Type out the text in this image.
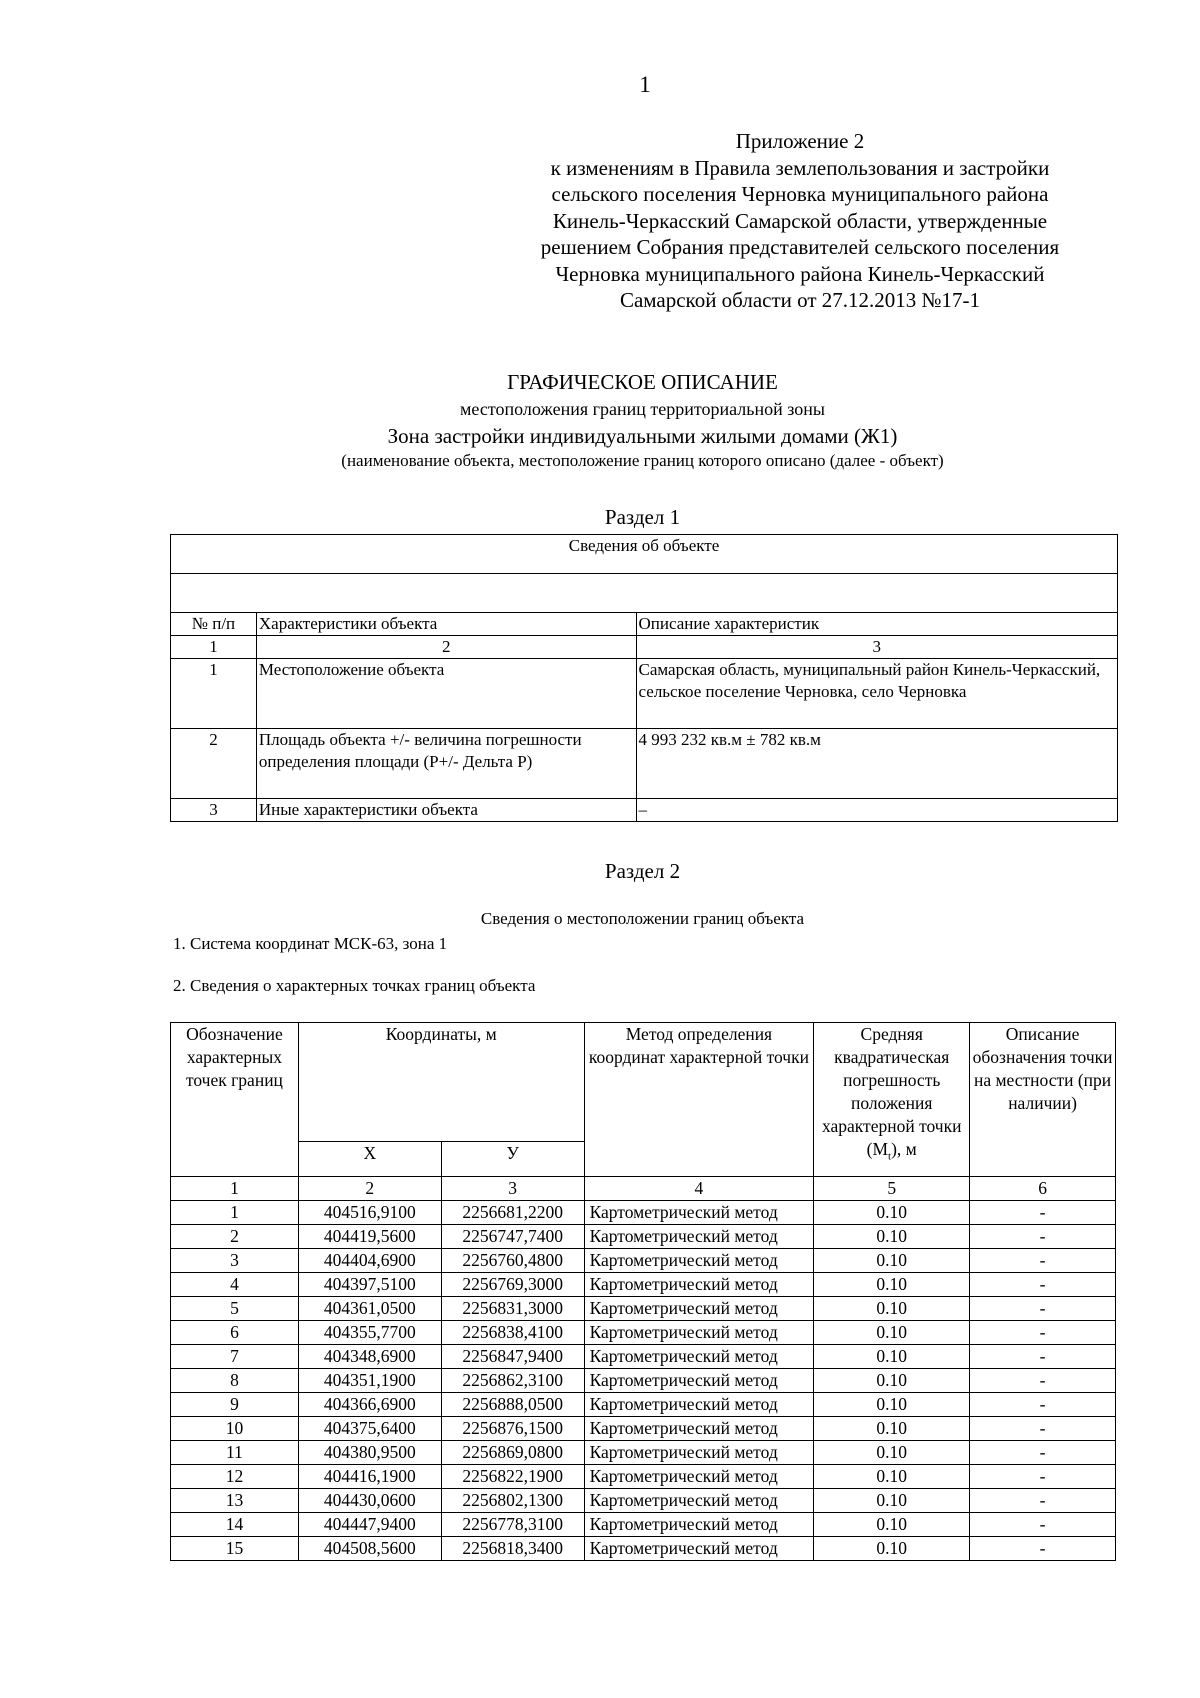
1
Приложение 2
к изменениям в Правила землепользования и застройки
сельского поселения Черновка муниципального района
Кинель-Черкасский Самарской области, утвержденные
решением Собрания представителей сельского поселения
Черновка муниципального района Кинель-Черкасский
Самарской области от 27.12.2013 №17-1
ГРАФИЧЕСКОЕ ОПИСАНИЕ
местоположения границ территориальной зоны
Зона застройки индивидуальными жилыми домами (Ж1)
(наименование объекта, местоположение границ которого описано (далее - объект)
Раздел 1
Сведения об объекте		

№ п/п	Характеристики объекта	Описание характеристик
1	2	3
1	Местоположение объекта	Самарская область, муниципальный район Кинель-Черкасский, сельское поселение Черновка, село Черновка
2	Площадь объекта +/- величина погрешности определения площади (Р+/- Дельта Р)	4 993 232 кв.м ± 782 кв.м
3	Иные характеристики объекта	–
Раздел 2
Сведения о местоположении границ объекта
1. Система координат МСК-63, зона 1
2. Сведения о характерных точках границ объекта
Обозначение характерных точек границ	Координаты, м		Метод определения координат характерной точки	Средняя квадратическая погрешность положения характерной точки $(M_t)$, м	Описание обозначения точки на местности (при наличии)
	X	У			
1	2	3	4	5	6
1	404516,9100	2256681,2200	Картометрический метод	0.10	-
2	404419,5600	2256747,7400	Картометрический метод	0.10	-
3	404404,6900	2256760,4800	Картометрический метод	0.10	-
4	404397,5100	2256769,3000	Картометрический метод	0.10	-
5	404361,0500	2256831,3000	Картометрический метод	0.10	-
6	404355,7700	2256838,4100	Картометрический метод	0.10	-
7	404348,6900	2256847,9400	Картометрический метод	0.10	-
8	404351,1900	2256862,3100	Картометрический метод	0.10	-
9	404366,6900	2256888,0500	Картометрический метод	0.10	-
10	404375,6400	2256876,1500	Картометрический метод	0.10	-
11	404380,9500	2256869,0800	Картометрический метод	0.10	-
12	404416,1900	2256822,1900	Картометрический метод	0.10	-
13	404430,0600	2256802,1300	Картометрический метод	0.10	-
14	404447,9400	2256778,3100	Картометрический метод	0.10	-
15	404508,5600	2256818,3400	Картометрический метод	0.10	-
